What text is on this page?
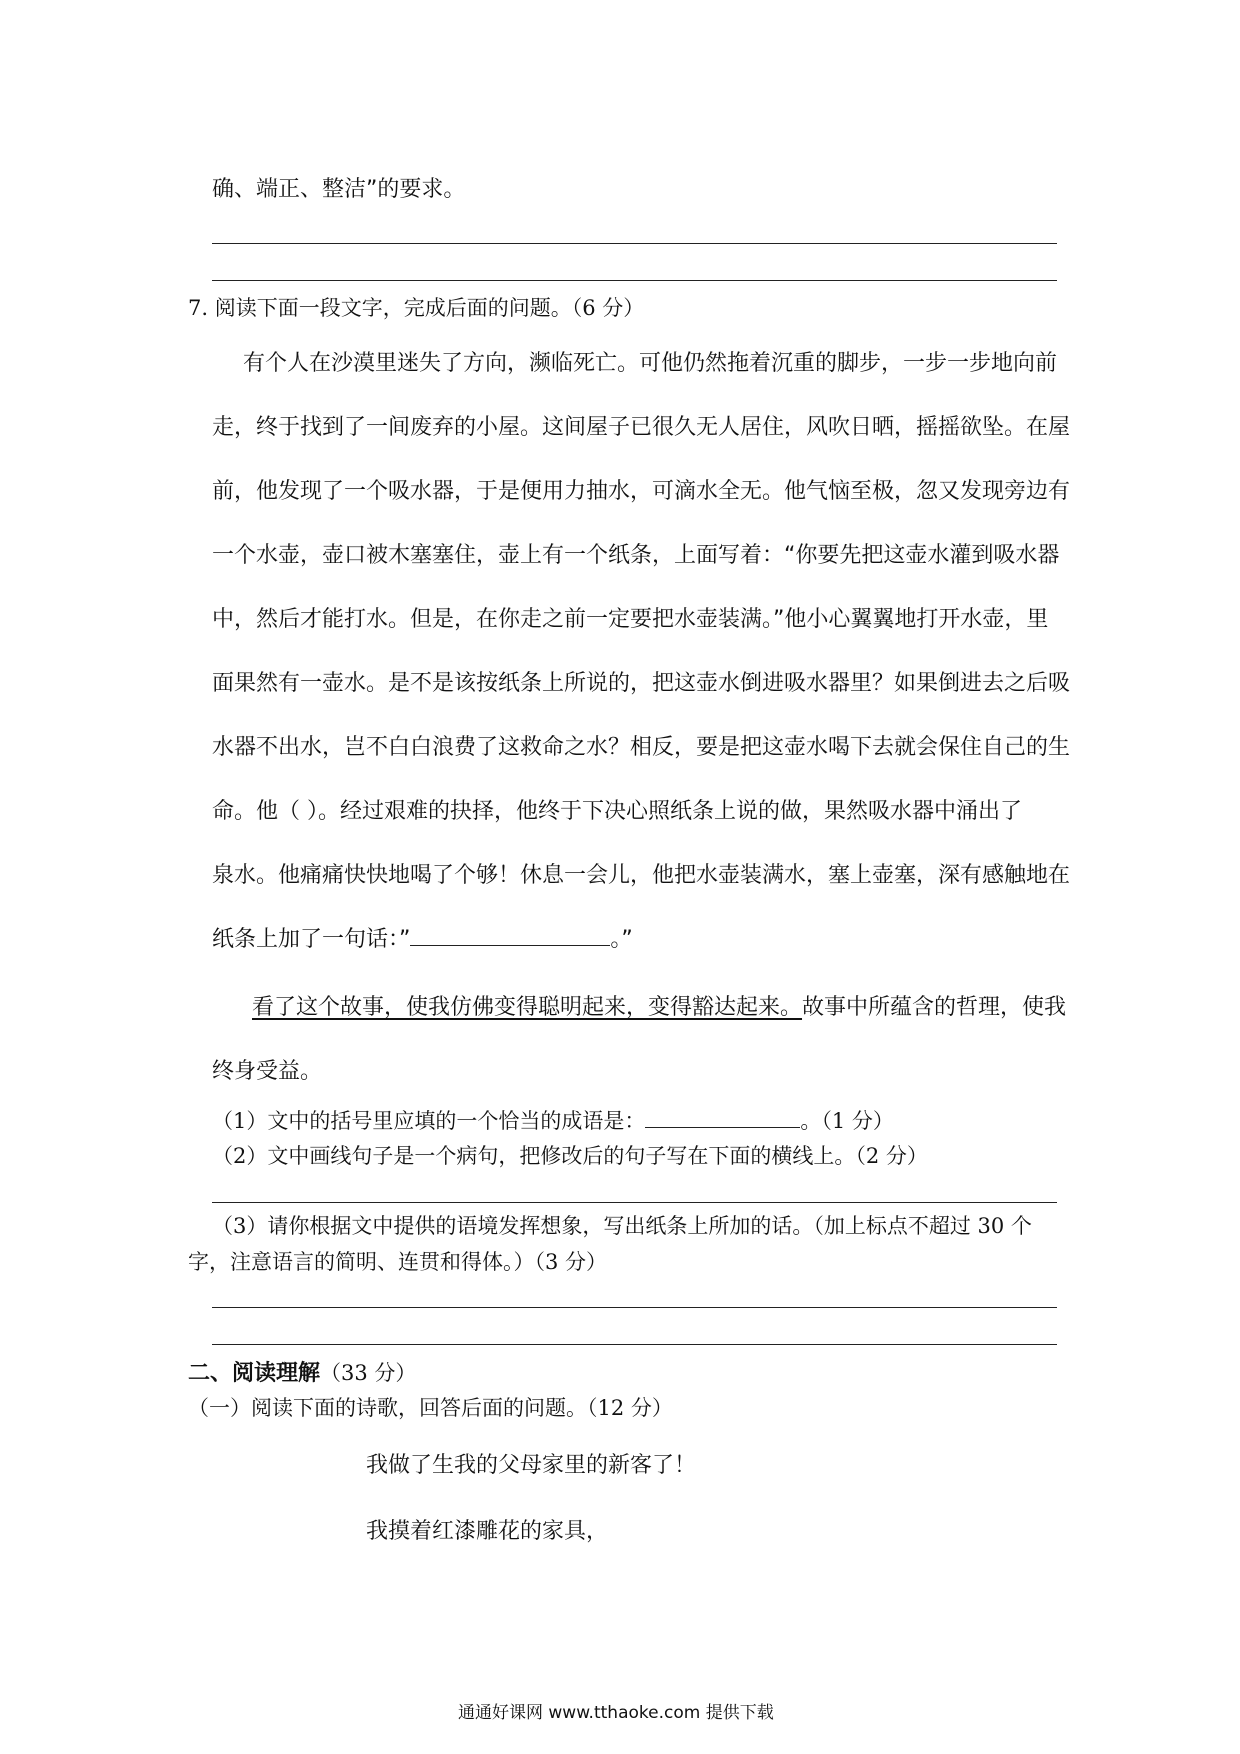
确、端正、整洁”的要求。
7. 阅读下面一段文字，完成后面的问题。（6 分）
有个人在沙漠里迷失了方向，濒临死亡。可他仍然拖着沉重的脚步，一步一步地向前
走，终于找到了一间废弃的小屋。这间屋子已很久无人居住，风吹日晒，摇摇欲坠。在屋
前，他发现了一个吸水器，于是便用力抽水，可滴水全无。他气恼至极，忽又发现旁边有
一个水壶，壶口被木塞塞住，壶上有一个纸条，上面写着：“你要先把这壶水灌到吸水器
中，然后才能打水。但是，在你走之前一定要把水壶装满。”他小心翼翼地打开水壶，里
面果然有一壶水。是不是该按纸条上所说的，把这壶水倒进吸水器里？如果倒进去之后吸
水器不出水，岂不白白浪费了这救命之水？相反，要是把这壶水喝下去就会保住自己的生
命。他（ ）。经过艰难的抉择，他终于下决心照纸条上说的做，果然吸水器中涌出了
泉水。他痛痛快快地喝了个够！休息一会儿，他把水壶装满水，塞上壶塞，深有感触地在
纸条上加了一句话：”	。”
看了这个故事，使我仿佛变得聪明起来，变得豁达起来。故事中所蕴含的哲理，使我
终身受益。
（1）文中的括号里应填的一个恰当的成语是：	。（1 分）
（2）文中画线句子是一个病句，把修改后的句子写在下面的横线上。（2 分）
（3）请你根据文中提供的语境发挥想象，写出纸条上所加的话。（加上标点不超过 30 个
字，注意语言的简明、连贯和得体。）（3 分）
二、阅读理解（33 分）
（一）阅读下面的诗歌，回答后面的问题。（12 分）
我做了生我的父母家里的新客了！
我摸着红漆雕花的家具，
通通好课网 www.tthaoke.com 提供下载
